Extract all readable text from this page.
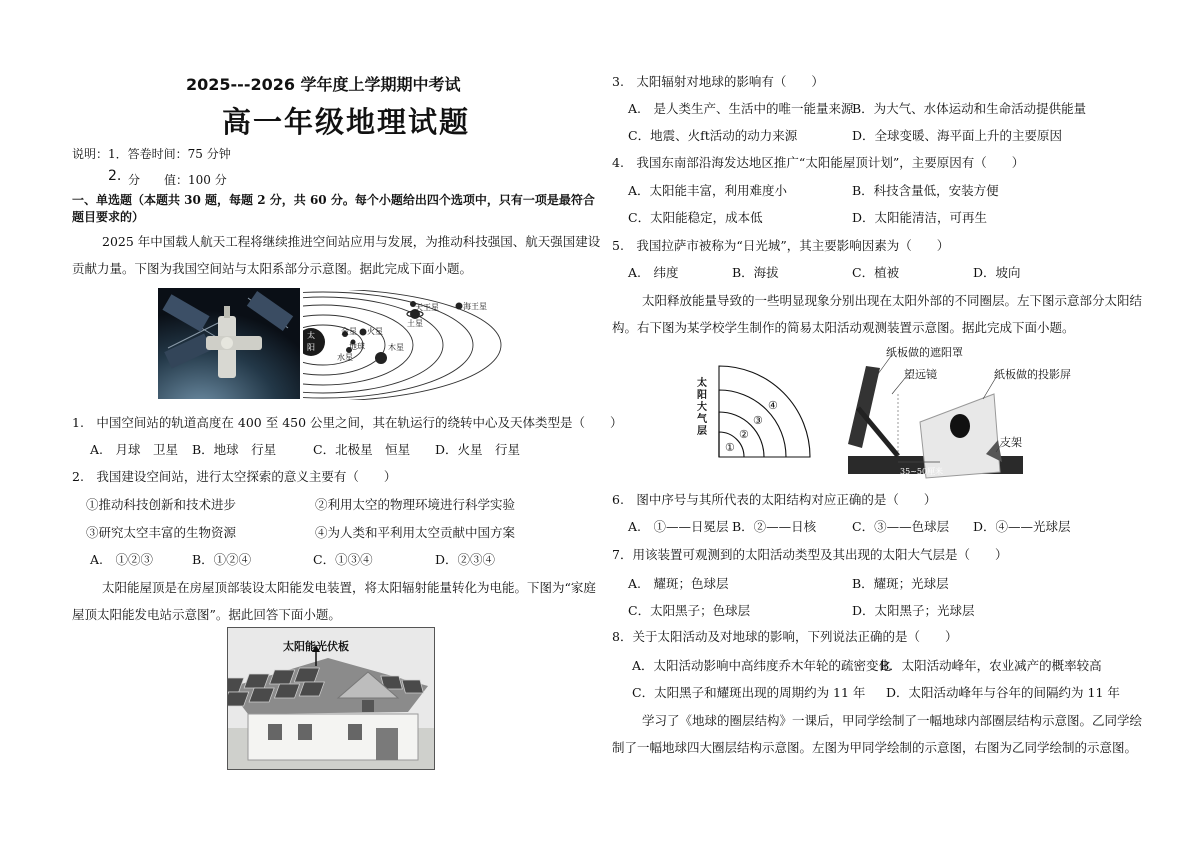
2025---2026 学年度上学期期中考试
高一年级地理试题
说明：1．答卷时间：75 分钟
2. 分　　值：100 分
一、单选题（本题共 30 题，每题 2 分，共 60 分。每个小题给出四个选项中，只有一项是最符合
题目要求的）
2025 年中国载人航天工程将继续推进空间站应用与发展，为推动科技强国、航天强国建设
贡献力量。下图为我国空间站与太阳系部分示意图。据此完成下面小题。
太
阳
金星
水星
地球
火星
木星
土星
天王星	海王星
1.　中国空间站的轨道高度在 400 至 450 公里之间，其在轨运行的绕转中心及天体类型是（　　）
A.　月球　卫星 B．地球　行星	C．北极星　恒星 D．火星　行星
2.　我国建设空间站，进行太空探索的意义主要有（　　）
①推动科技创新和技术进步	②利用太空的物理环境进行科学实验
③研究太空丰富的生物资源	④为人类和平利用太空贡献中国方案
A.　①②③	B．①②④	C．①③④	D．②③④
太阳能屋顶是在房屋顶部装设太阳能发电装置，将太阳辐射能量转化为电能。下图为“家庭
屋顶太阳能发电站示意图”。据此回答下面小题。
太阳能光伏板
3.　太阳辐射对地球的影响有（　　）
A.　是人类生产、生活中的唯一能量来源
B．为大气、水体运动和生命活动提供能量
C．地震、火ft活动的动力来源	D．全球变暖、海平面上升的主要原因
4.　我国东南部沿海发达地区推广“太阳能屋顶计划”，主要原因有（　　）
A．太阳能丰富，利用难度小	B．科技含量低，安装方便
C．太阳能稳定，成本低	D．太阳能清洁，可再生
5.　我国拉萨市被称为“日光城”，其主要影响因素为（　　）
A.　纬度	B．海拔	C．植被	D．坡向
太阳释放能量导致的一些明显现象分别出现在太阳外部的不同圈层。左下图示意部分太阳结
构。右下图为某学校学生制作的简易太阳活动观测装置示意图。据此完成下面小题。
太
阳
大
气
层
①
②
③
④
纸板做的遮阳罩
望远镜	纸板做的投影屏
支架
35~50厘米
6.　图中序号与其所代表的太阳结构对应正确的是（　　）
A.　①——日冕层 B．②——日核	C．③——色球层 D．④——光球层
7．用该装置可观测到的太阳活动类型及其出现的太阳大气层是（　　）
A.　耀斑；色球层	B．耀斑；光球层
C．太阳黑子；色球层	D．太阳黑子；光球层
8．关于太阳活动及对地球的影响，下列说法正确的是（　　）
A．太阳活动影响中高纬度乔木年轮的疏密变化
B．太阳活动峰年，农业减产的概率较高
C．太阳黑子和耀斑出现的周期约为 11 年 D．太阳活动峰年与谷年的间隔约为 11 年
学习了《地球的圈层结构》一课后，甲同学绘制了一幅地球内部圈层结构示意图。乙同学绘
制了一幅地球四大圈层结构示意图。左图为甲同学绘制的示意图，右图为乙同学绘制的示意图。
